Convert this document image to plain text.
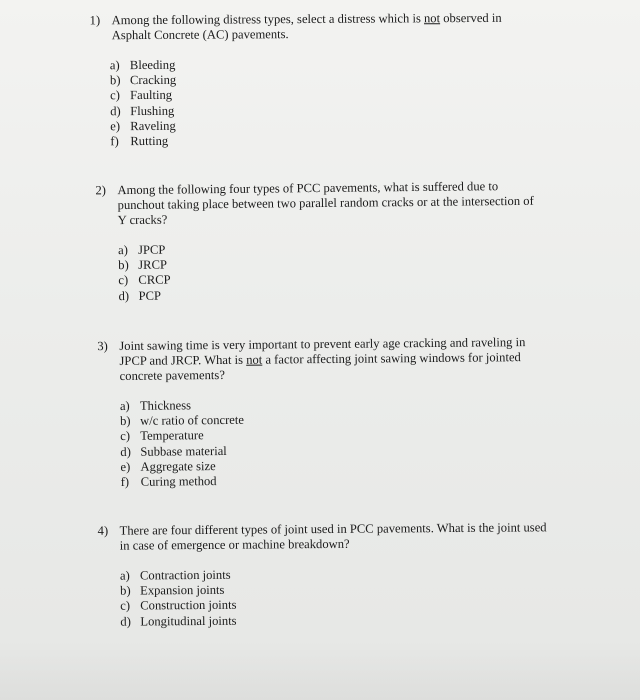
1) Among the following distress types, select a distress which is not observed in Asphalt Concrete (AC) pavements.
a) Bleeding
b) Cracking
c) Faulting
d) Flushing
e) Raveling
f) Rutting
2) Among the following four types of PCC pavements, what is suffered due to punchout taking place between two parallel random cracks or at the intersection of Y cracks?
a) JPCP
b) JRCP
c) CRCP
d) PCP
3) Joint sawing time is very important to prevent early age cracking and raveling in JPCP and JRCP. What is not a factor affecting joint sawing windows for jointed concrete pavements?
a) Thickness
b) w/c ratio of concrete
c) Temperature
d) Subbase material
e) Aggregate size
f) Curing method
4) There are four different types of joint used in PCC pavements. What is the joint used in case of emergence or machine breakdown?
a) Contraction joints
b) Expansion joints
c) Construction joints
d) Longitudinal joints
